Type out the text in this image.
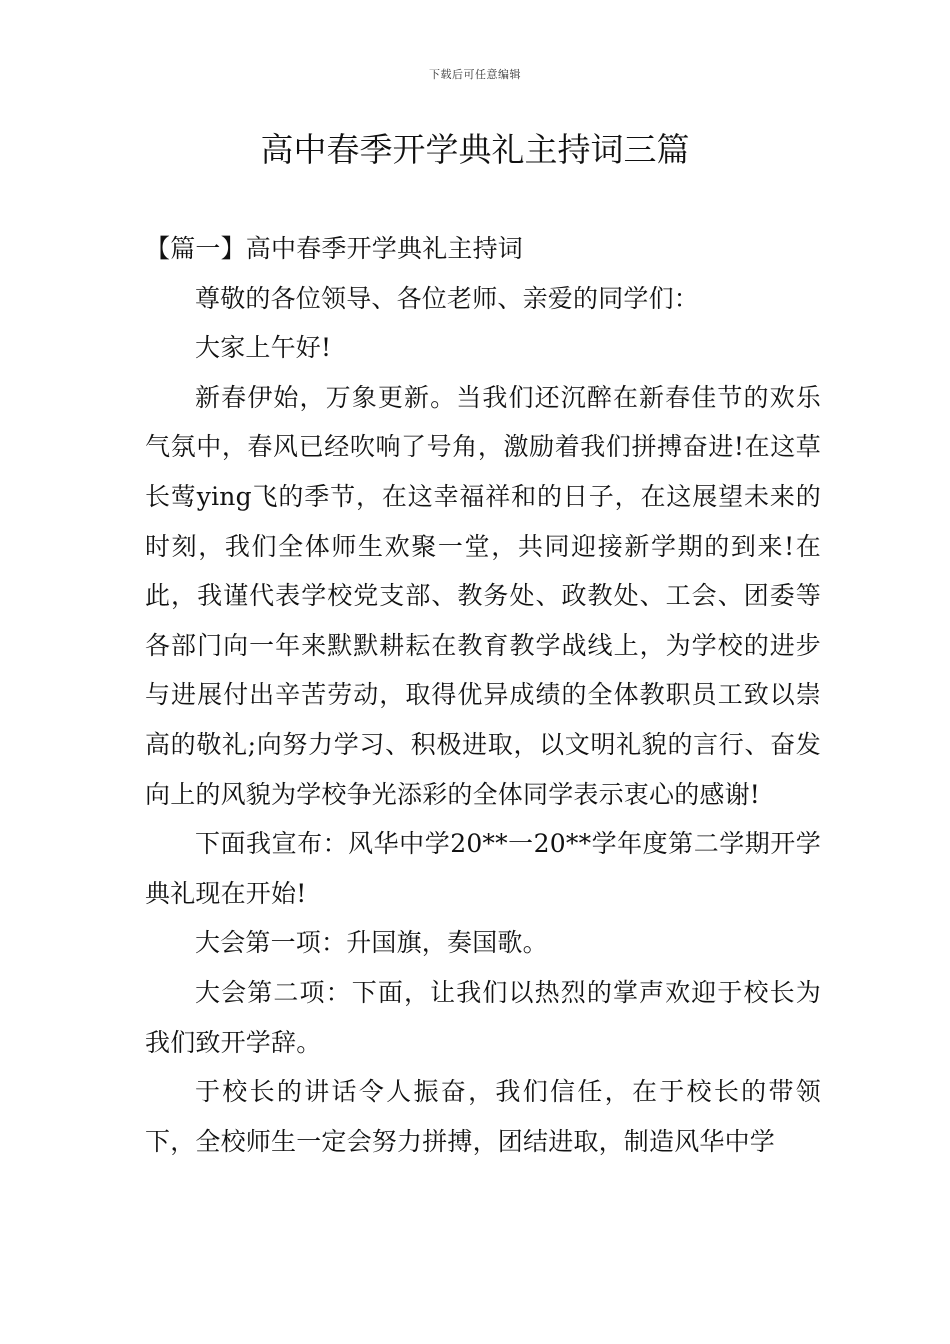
下载后可任意编辑
高中春季开学典礼主持词三篇

【篇一】高中春季开学典礼主持词

尊敬的各位领导、各位老师、亲爱的同学们：

大家上午好!

新春伊始，万象更新。当我们还沉醉在新春佳节的欢乐气氛中，春风已经吹响了号角，激励着我们拼搏奋进!在这草长莺ying飞的季节，在这幸福祥和的日子，在这展望未来的时刻，我们全体师生欢聚一堂，共同迎接新学期的到来!在此，我谨代表学校党支部、教务处、政教处、工会、团委等各部门向一年来默默耕耘在教育教学战线上，为学校的进步与进展付出辛苦劳动，取得优异成绩的全体教职员工致以崇高的敬礼;向努力学习、积极进取，以文明礼貌的言行、奋发向上的风貌为学校争光添彩的全体同学表示衷心的感谢!

下面我宣布：风华中学20**一20**学年度第二学期开学典礼现在开始!

大会第一项：升国旗，奏国歌。

大会第二项：下面，让我们以热烈的掌声欢迎于校长为我们致开学辞。

于校长的讲话令人振奋，我们信任，在于校长的带领下，全校师生一定会努力拼搏，团结进取，制造风华中学
